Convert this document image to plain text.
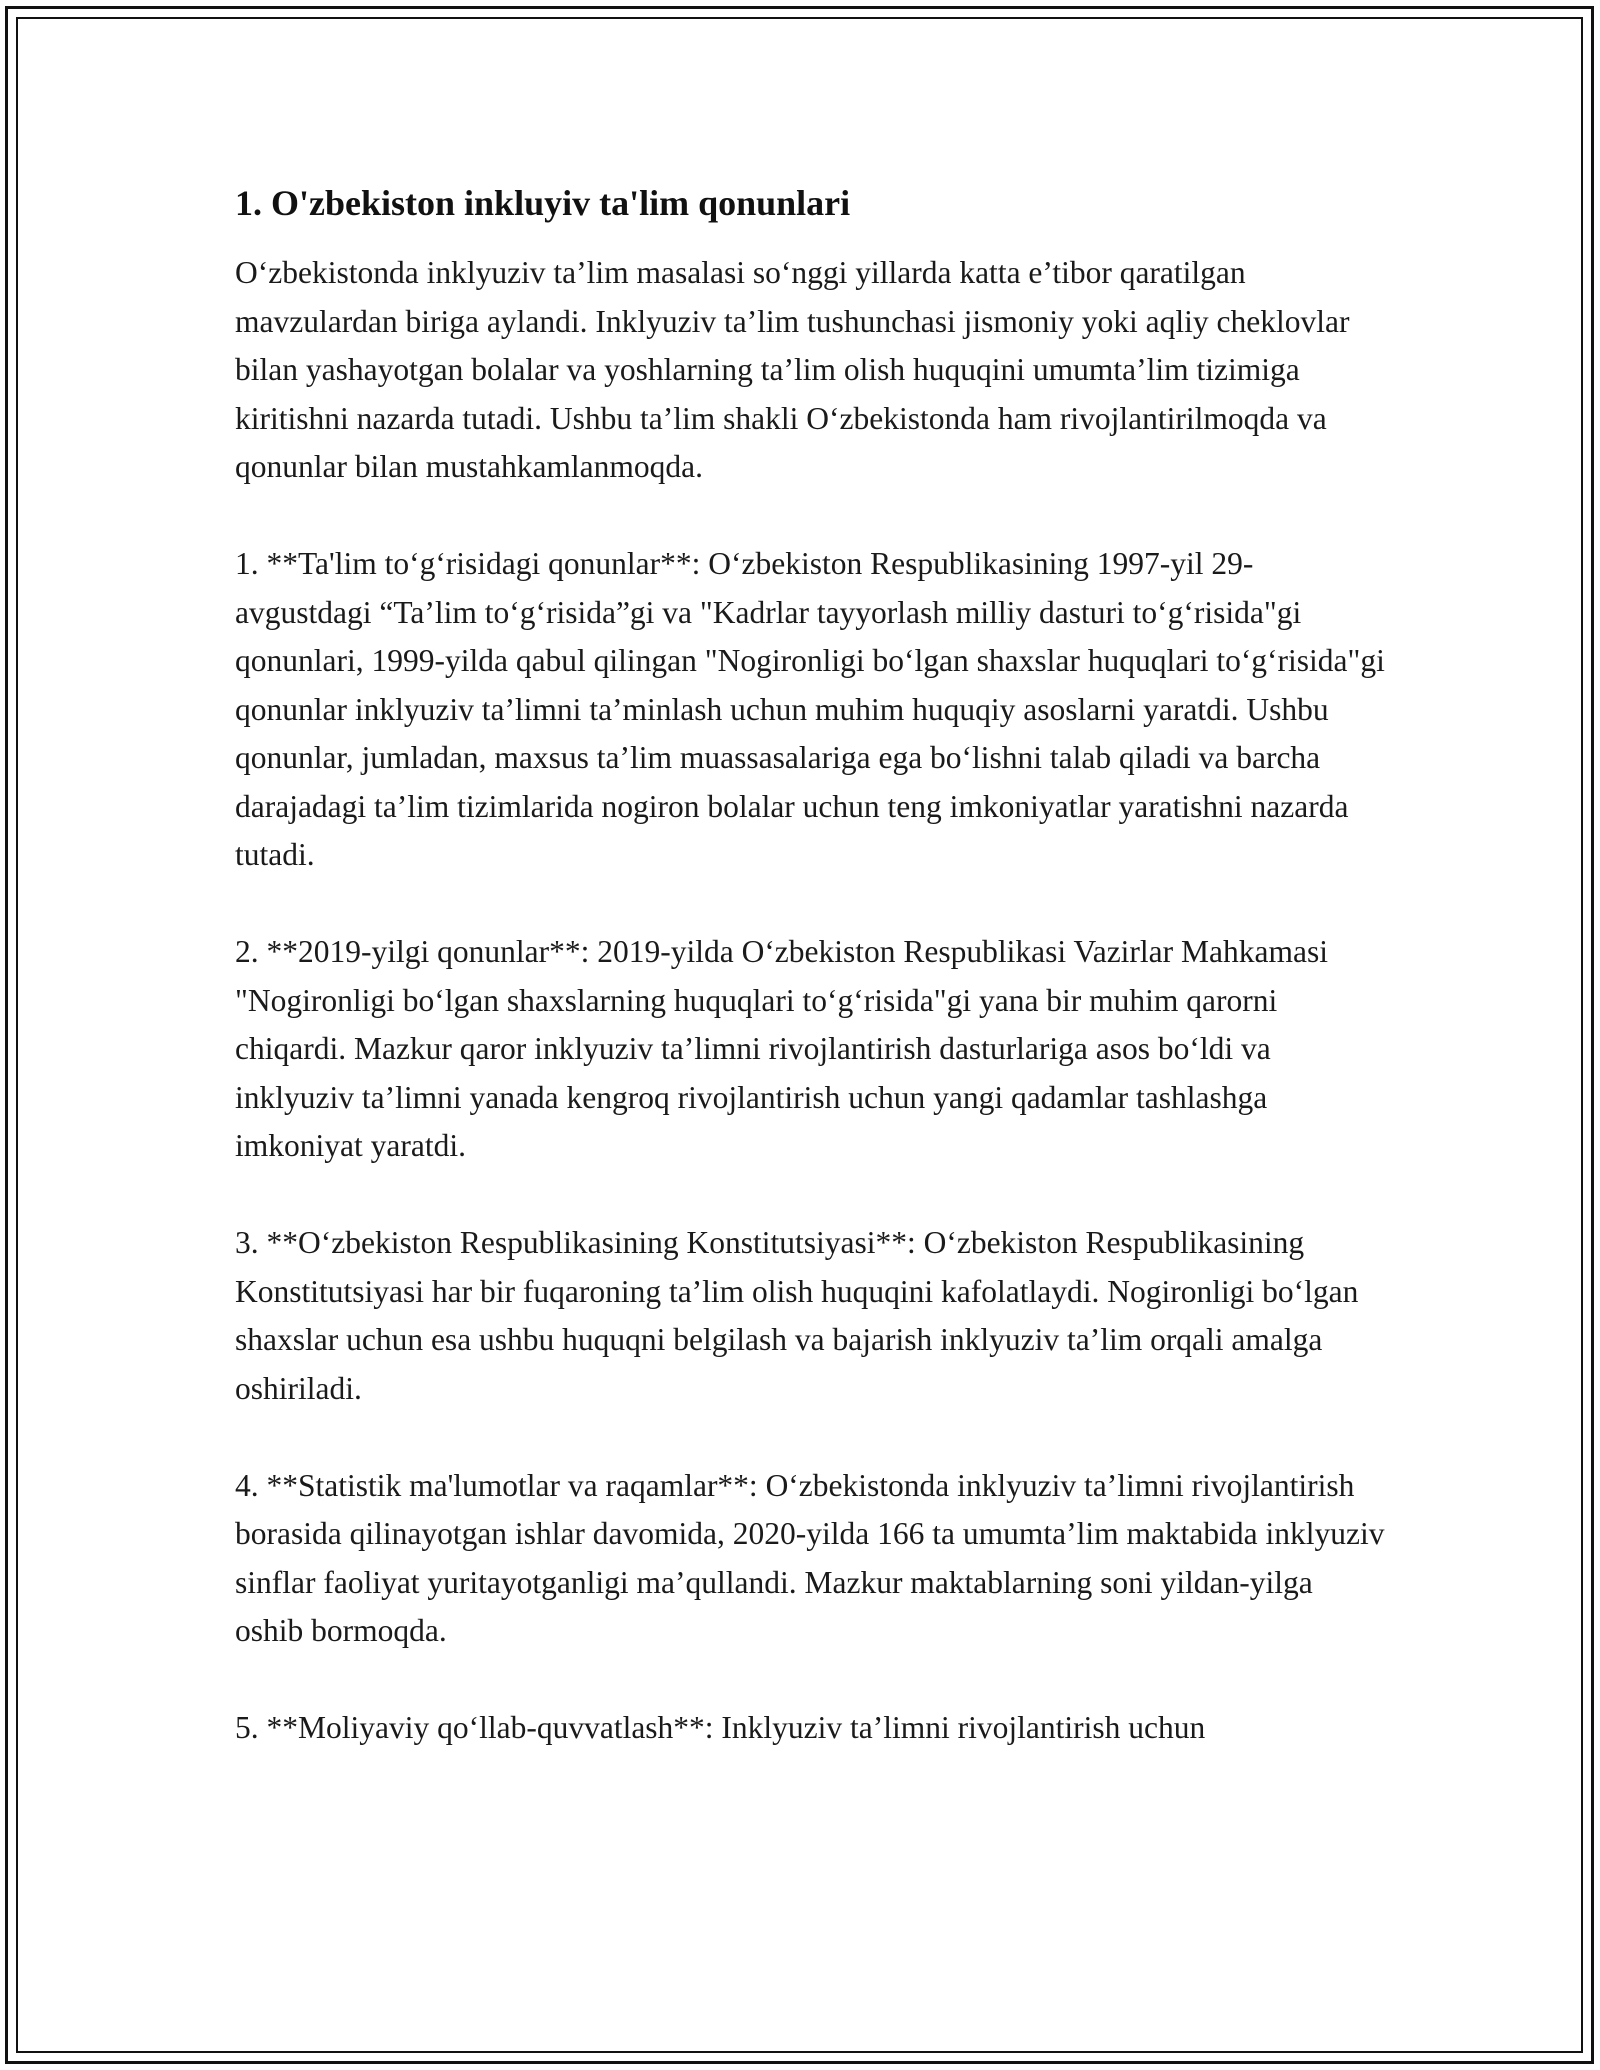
1. O'zbekiston inkluyiv ta'lim qonunlari

O‘zbekistonda inklyuziv ta’lim masalasi so‘nggi yillarda katta e’tibor qaratilgan mavzulardan biriga aylandi. Inklyuziv ta’lim tushunchasi jismoniy yoki aqliy cheklovlar bilan yashayotgan bolalar va yoshlarning ta’lim olish huquqini umumta’lim tizimiga kiritishni nazarda tutadi. Ushbu ta’lim shakli O‘zbekistonda ham rivojlantirilmoqda va qonunlar bilan mustahkamlanmoqda.

1. **Ta'lim to‘g‘risidagi qonunlar**: O‘zbekiston Respublikasining 1997-yil 29-avgustdagi “Ta’lim to‘g‘risida”gi va "Kadrlar tayyorlash milliy dasturi to‘g‘risida"gi qonunlari, 1999-yilda qabul qilingan "Nogironligi bo‘lgan shaxslar huquqlari to‘g‘risida"gi qonunlar inklyuziv ta’limni ta’minlash uchun muhim huquqiy asoslarni yaratdi. Ushbu qonunlar, jumladan, maxsus ta’lim muassasalariga ega bo‘lishni talab qiladi va barcha darajadagi ta’lim tizimlarida nogiron bolalar uchun teng imkoniyatlar yaratishni nazarda tutadi.

2. **2019-yilgi qonunlar**: 2019-yilda O‘zbekiston Respublikasi Vazirlar Mahkamasi "Nogironligi bo‘lgan shaxslarning huquqlari to‘g‘risida"gi yana bir muhim qarorni chiqardi. Mazkur qaror inklyuziv ta’limni rivojlantirish dasturlariga asos bo‘ldi va inklyuziv ta’limni yanada kengroq rivojlantirish uchun yangi qadamlar tashlashga imkoniyat yaratdi.

3. **O‘zbekiston Respublikasining Konstitutsiyasi**: O‘zbekiston Respublikasining Konstitutsiyasi har bir fuqaroning ta’lim olish huquqini kafolatlaydi. Nogironligi bo‘lgan shaxslar uchun esa ushbu huquqni belgilash va bajarish inklyuziv ta’lim orqali amalga oshiriladi.

4. **Statistik ma'lumotlar va raqamlar**: O‘zbekistonda inklyuziv ta’limni rivojlantirish borasida qilinayotgan ishlar davomida, 2020-yilda 166 ta umumta’lim maktabida inklyuziv sinflar faoliyat yuritayotganligi ma’qullandi. Mazkur maktablarning soni yildan-yilga oshib bormoqda.

5. **Moliyaviy qo‘llab-quvvatlash**: Inklyuziv ta’limni rivojlantirish uchun
